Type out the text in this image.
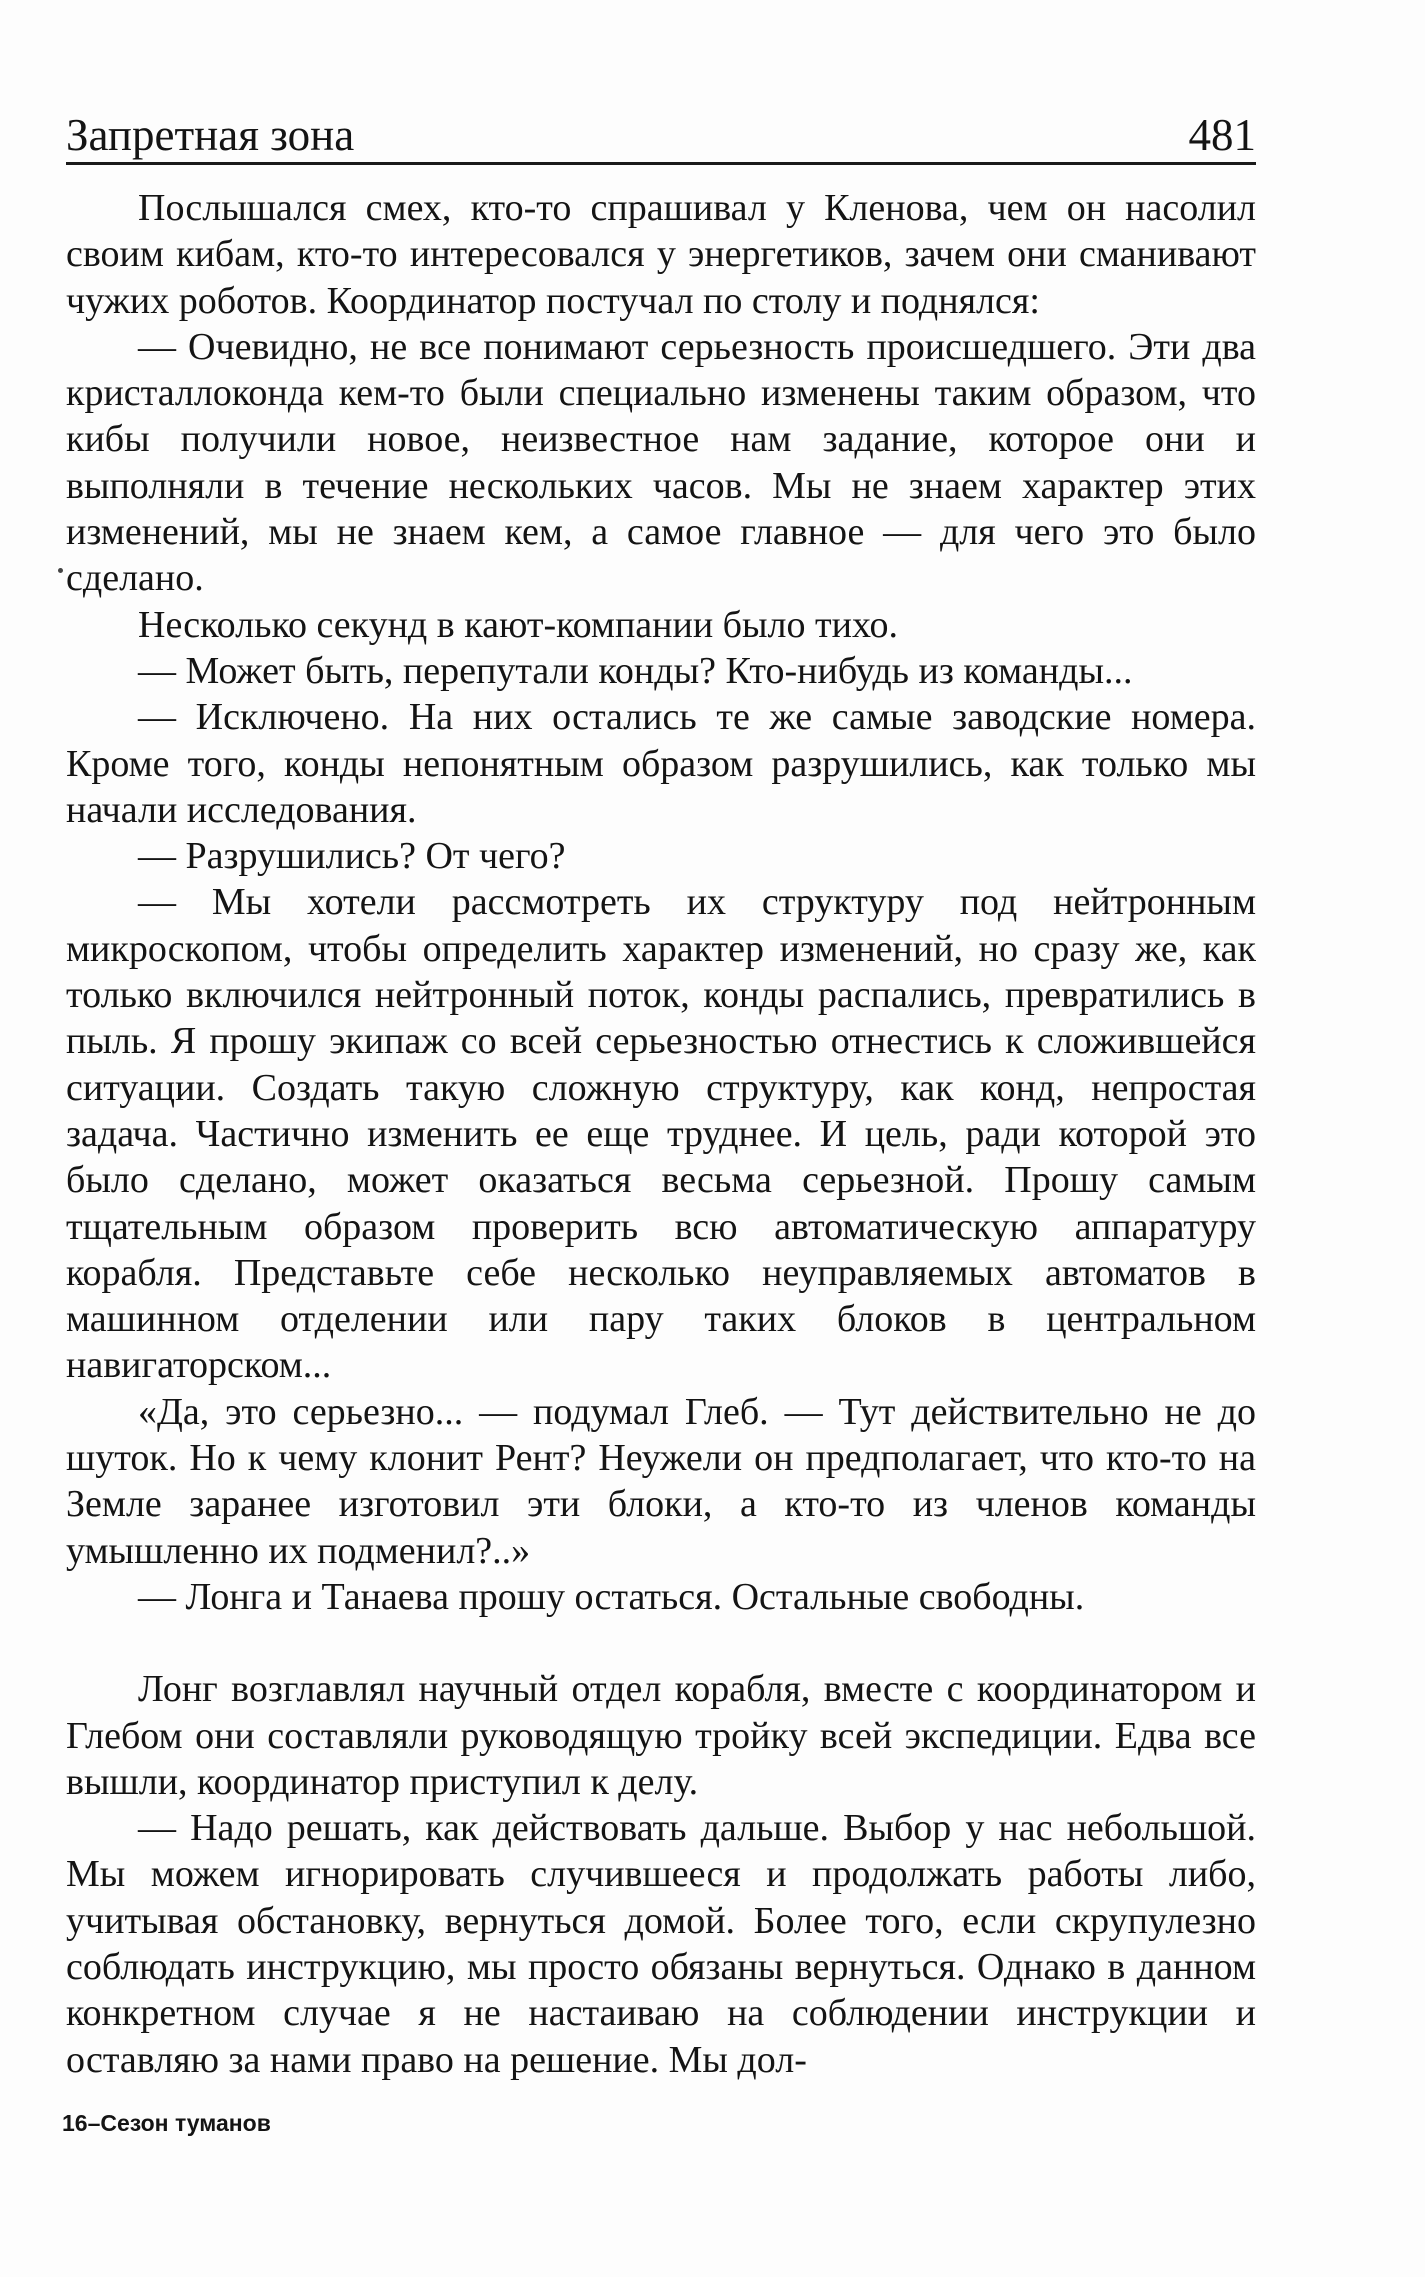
Запретная зона	481

Послышался смех, кто-то спрашивал у Кленова, чем он насолил своим кибам, кто-то интересовался у энергетиков, зачем они сманивают чужих роботов. Координатор постучал по столу и поднялся:

— Очевидно, не все понимают серьезность происшедшего. Эти два кристаллоконда кем-то были специально изменены таким образом, что кибы получили новое, неизвестное нам задание, которое они и выполняли в течение нескольких часов. Мы не знаем характер этих изменений, мы не знаем кем, а самое главное — для чего это было сделано.

Несколько секунд в кают-компании было тихо.

— Может быть, перепутали конды? Кто-нибудь из команды...

— Исключено. На них остались те же самые заводские номера. Кроме того, конды непонятным образом разрушились, как только мы начали исследования.

— Разрушились? От чего?

— Мы хотели рассмотреть их структуру под нейтронным микроскопом, чтобы определить характер изменений, но сразу же, как только включился нейтронный поток, конды распались, превратились в пыль. Я прошу экипаж со всей серьезностью отнестись к сложившейся ситуации. Создать такую сложную структуру, как конд, непростая задача. Частично изменить ее еще труднее. И цель, ради которой это было сделано, может оказаться весьма серьезной. Прошу самым тщательным образом проверить всю автоматическую аппаратуру корабля. Представьте себе несколько неуправляемых автоматов в машинном отделении или пару таких блоков в центральном навигаторском...

«Да, это серьезно... — подумал Глеб. — Тут действительно не до шуток. Но к чему клонит Рент? Неужели он предполагает, что кто-то на Земле заранее изготовил эти блоки, а кто-то из членов команды умышленно их подменил?..»

— Лонга и Танаева прошу остаться. Остальные свободны.

Лонг возглавлял научный отдел корабля, вместе с координатором и Глебом они составляли руководящую тройку всей экспедиции. Едва все вышли, координатор приступил к делу.

— Надо решать, как действовать дальше. Выбор у нас небольшой. Мы можем игнорировать случившееся и продолжать работы либо, учитывая обстановку, вернуться домой. Более того, если скрупулезно соблюдать инструкцию, мы просто обязаны вернуться. Однако в данном конкретном случае я не настаиваю на соблюдении инструкции и оставляю за нами право на решение. Мы дол-

16–Сезон туманов
